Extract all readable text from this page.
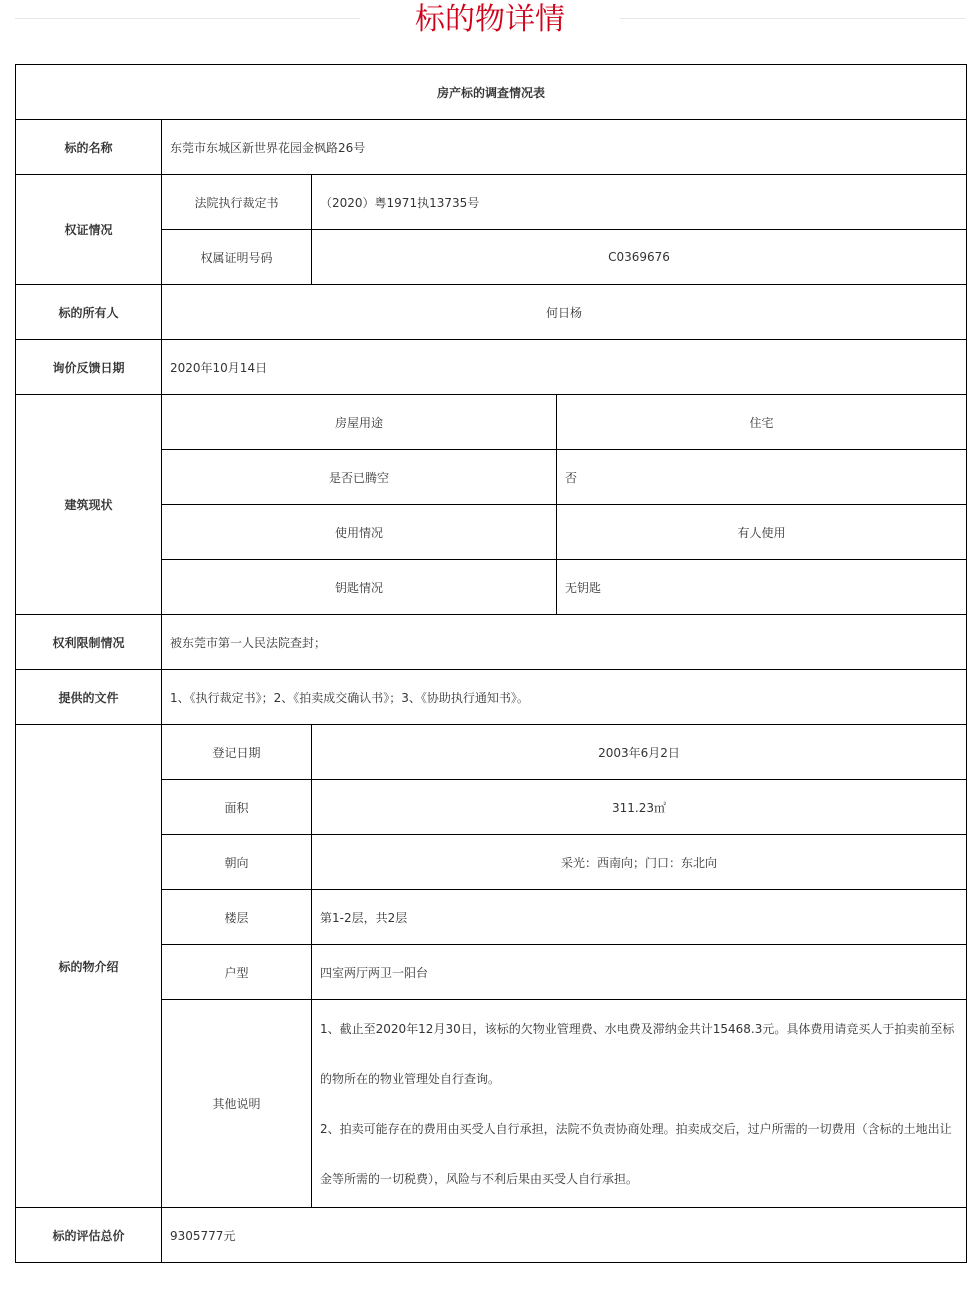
标的物详情
房产标的调查情况表			
标的名称	东莞市东城区新世界花园金枫路26号		
权证情况	法院执行裁定书	（2020）粤1971执13735号	
	权属证明号码	C0369676	
标的所有人	何日杨		
询价反馈日期	2020年10月14日		
建筑现状	房屋用途		住宅
	是否已腾空		否
	使用情况		有人使用
	钥匙情况		无钥匙
权利限制情况	被东莞市第一人民法院查封；		
提供的文件	1、《执行裁定书》；2、《拍卖成交确认书》；3、《协助执行通知书》。		
标的物介绍	登记日期	2003年6月2日	
	面积	311.23㎡	
	朝向	采光：西南向；门口：东北向	
	楼层	第1-2层，共2层	
	户型	四室两厅两卫一阳台	
	其他说明	1、截止至2020年12月30日，该标的欠物业管理费、水电费及滞纳金共计15468.3元。具体费用请竞买人于拍卖前至标的物所在的物业管理处自行查询。
2、拍卖可能存在的费用由买受人自行承担，法院不负责协商处理。拍卖成交后，过户所需的一切费用（含标的土地出让金等所需的一切税费），风险与不利后果由买受人自行承担。	

标的评估总价	9305777元		
